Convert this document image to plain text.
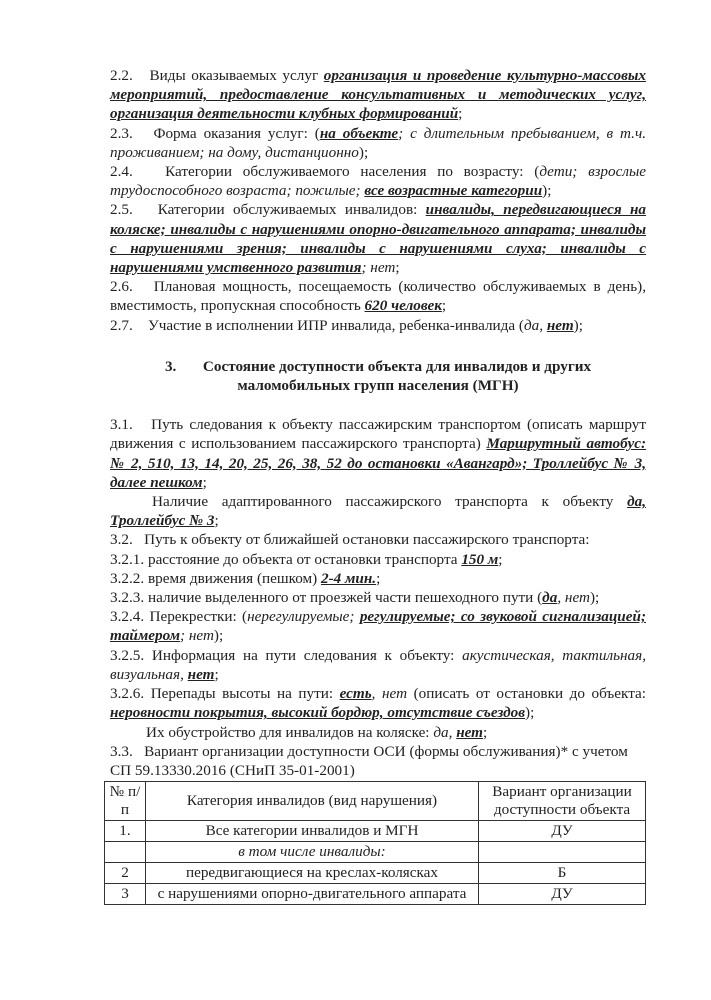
2.2. Виды оказываемых услуг организация и проведение культурно-массовых мероприятий, предоставление консультативных и методических услуг, организация деятельности клубных формирований;

2.3. Форма оказания услуг: (на объекте; с длительным пребыванием, в т.ч. проживанием; на дому, дистанционно);

2.4. Категории обслуживаемого населения по возрасту: (дети; взрослые трудоспособного возраста; пожилые; все возрастные категории);

2.5. Категории обслуживаемых инвалидов: инвалиды, передвигающиеся на коляске; инвалиды с нарушениями опорно-двигательного аппарата; инвалиды с нарушениями зрения; инвалиды с нарушениями слуха; инвалиды с нарушениями умственного развития; нет;

2.6. Плановая мощность, посещаемость (количество обслуживаемых в день), вместимость, пропускная способность 620 человек;

2.7. Участие в исполнении ИПР инвалида, ребенка-инвалида (да, нет);

3. Состояние доступности объекта для инвалидов и других
маломобильных групп населения (МГН)

3.1. Путь следования к объекту пассажирским транспортом (описать маршрут движения с использованием пассажирского транспорта) Маршрутный автобус: № 2, 510, 13, 14, 20, 25, 26, 38, 52 до остановки «Авангард»; Троллейбус № 3, далее пешком;

Наличие адаптированного пассажирского транспорта к объекту да, Троллейбус № 3;

3.2. Путь к объекту от ближайшей остановки пассажирского транспорта:

3.2.1. расстояние до объекта от остановки транспорта 150 м;

3.2.2. время движения (пешком) 2-4 мин.;

3.2.3. наличие выделенного от проезжей части пешеходного пути (да, нет);

3.2.4. Перекрестки: (нерегулируемые; регулируемые; со звуковой сигнализацией; таймером; нет);

3.2.5. Информация на пути следования к объекту: акустическая, тактильная, визуальная, нет;

3.2.6. Перепады высоты на пути: есть, нет (описать от остановки до объекта: неровности покрытия, высокий бордюр, отсутствие съездов);

Их обустройство для инвалидов на коляске: да, нет;

3.3. Вариант организации доступности ОСИ (формы обслуживания)* с учетом СП 59.13330.2016 (СНиП 35-01-2001)

№ п/п	Категория инвалидов (вид нарушения)	Вариант организации доступности объекта
1.	Все категории инвалидов и МГН	ДУ
	в том числе инвалиды:	
2	передвигающиеся на креслах-колясках	Б
3	с нарушениями опорно-двигательного аппарата	ДУ
